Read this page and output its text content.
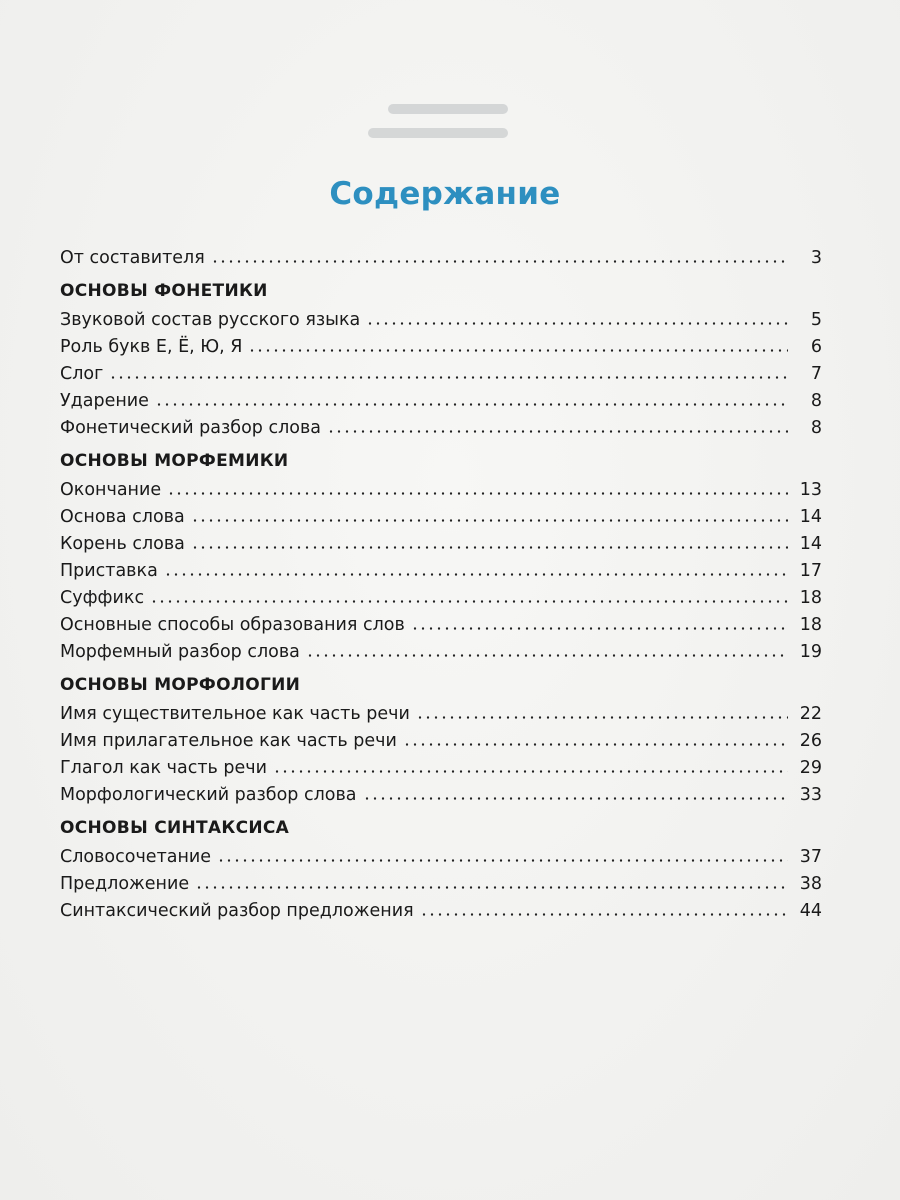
Содержание
От составителя	3
ОСНОВЫ ФОНЕТИКИ
Звуковой состав русского языка	5
Роль букв Е, Ё, Ю, Я	6
Слог	7
Ударение	8
Фонетический разбор слова	8
ОСНОВЫ МОРФЕМИКИ
Окончание	13
Основа слова	14
Корень слова	14
Приставка	17
Суффикс	18
Основные способы образования слов	18
Морфемный разбор слова	19
ОСНОВЫ МОРФОЛОГИИ
Имя существительное как часть речи	22
Имя прилагательное как часть речи	26
Глагол как часть речи	29
Морфологический разбор слова	33
ОСНОВЫ СИНТАКСИСА
Словосочетание	37
Предложение	38
Синтаксический разбор предложения	44
